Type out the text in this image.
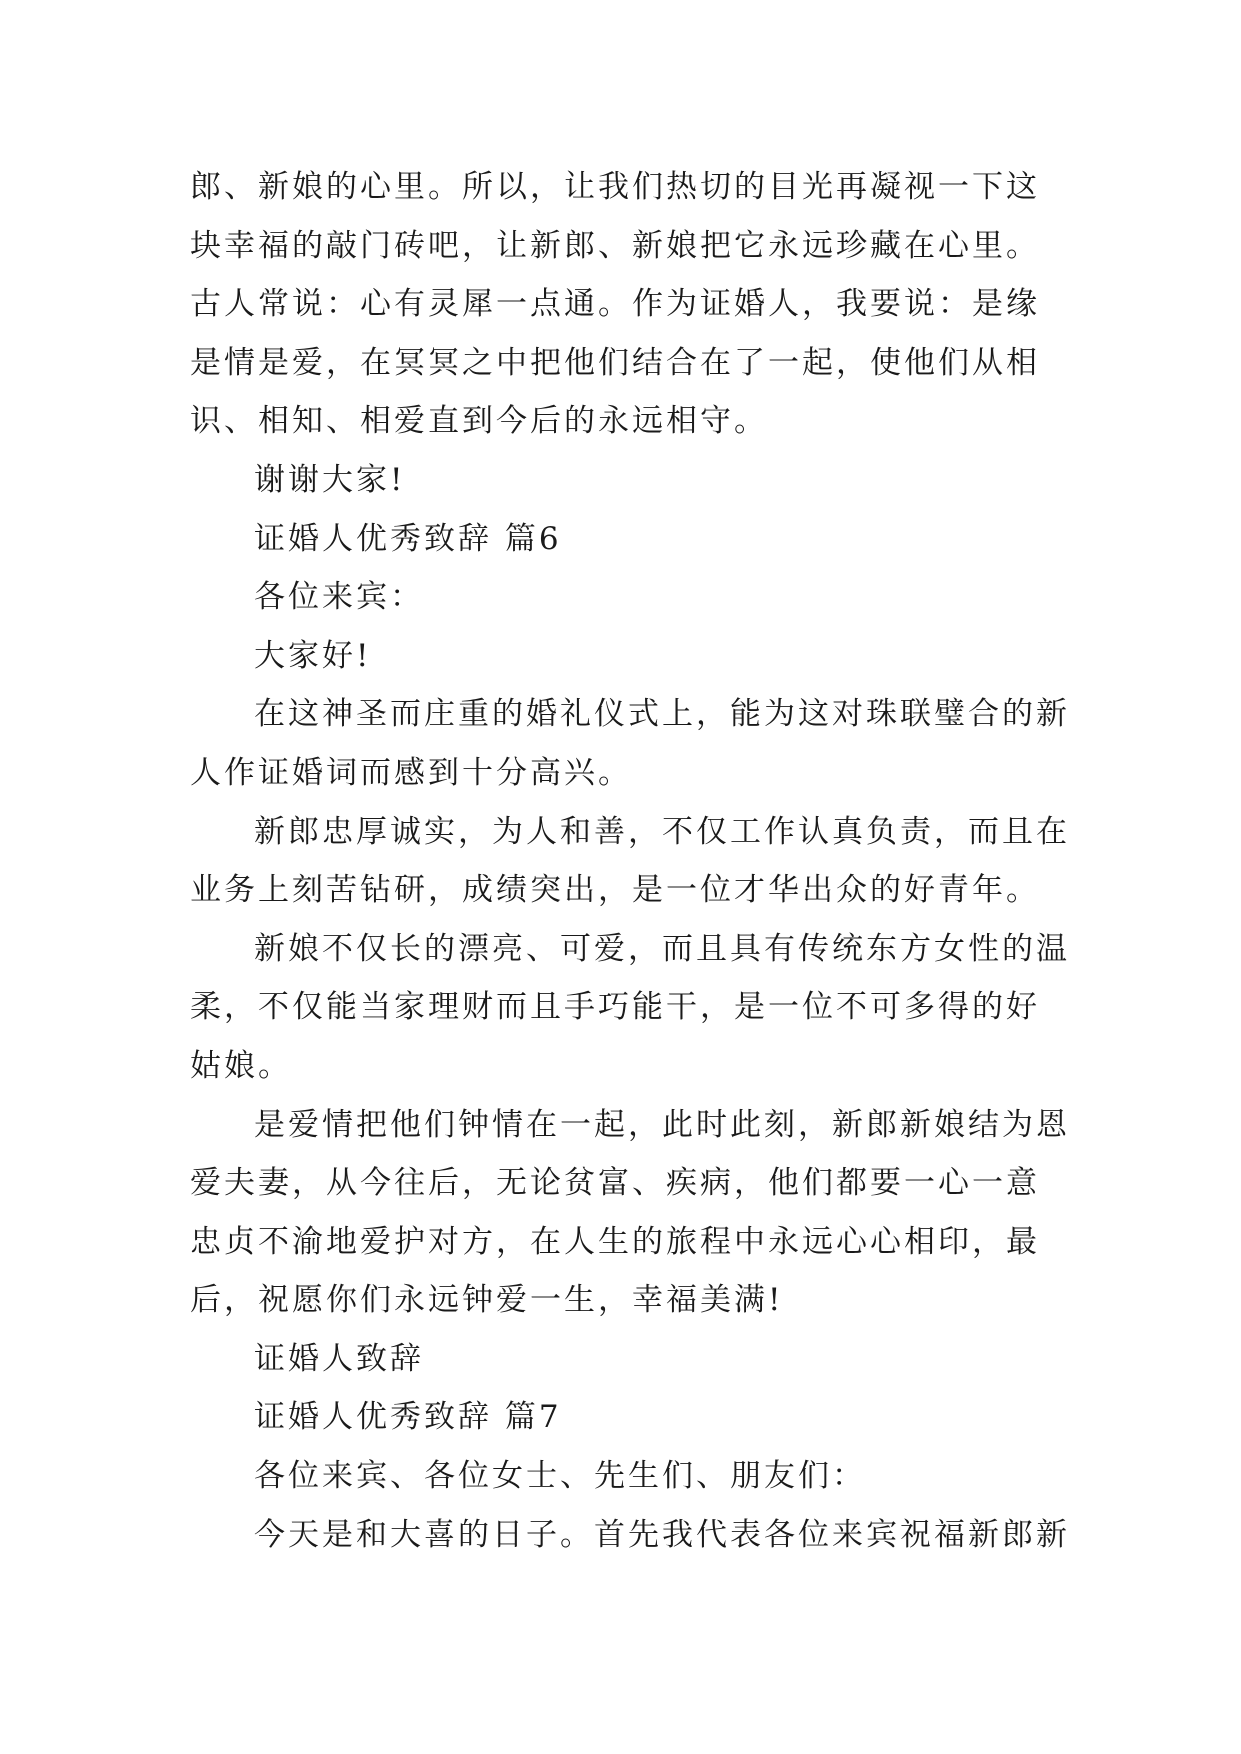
郎、新娘的心里。所以，让我们热切的目光再凝视一下这块幸福的敲门砖吧，让新郎、新娘把它永远珍藏在心里。古人常说：心有灵犀一点通。作为证婚人，我要说：是缘是情是爱，在冥冥之中把他们结合在了一起，使他们从相识、相知、相爱直到今后的永远相守。

谢谢大家!

证婚人优秀致辞 篇6

各位来宾：

大家好!

在这神圣而庄重的婚礼仪式上，能为这对珠联璧合的新人作证婚词而感到十分高兴。

新郎忠厚诚实，为人和善，不仅工作认真负责，而且在业务上刻苦钻研，成绩突出，是一位才华出众的好青年。

新娘不仅长的漂亮、可爱，而且具有传统东方女性的温柔，不仅能当家理财而且手巧能干，是一位不可多得的好姑娘。

是爱情把他们钟情在一起，此时此刻，新郎新娘结为恩爱夫妻，从今往后，无论贫富、疾病，他们都要一心一意忠贞不渝地爱护对方，在人生的旅程中永远心心相印，最后，祝愿你们永远钟爱一生，幸福美满!

证婚人致辞

证婚人优秀致辞 篇7

各位来宾、各位女士、先生们、朋友们：

今天是和大喜的日子。首先我代表各位来宾祝福新郎新
